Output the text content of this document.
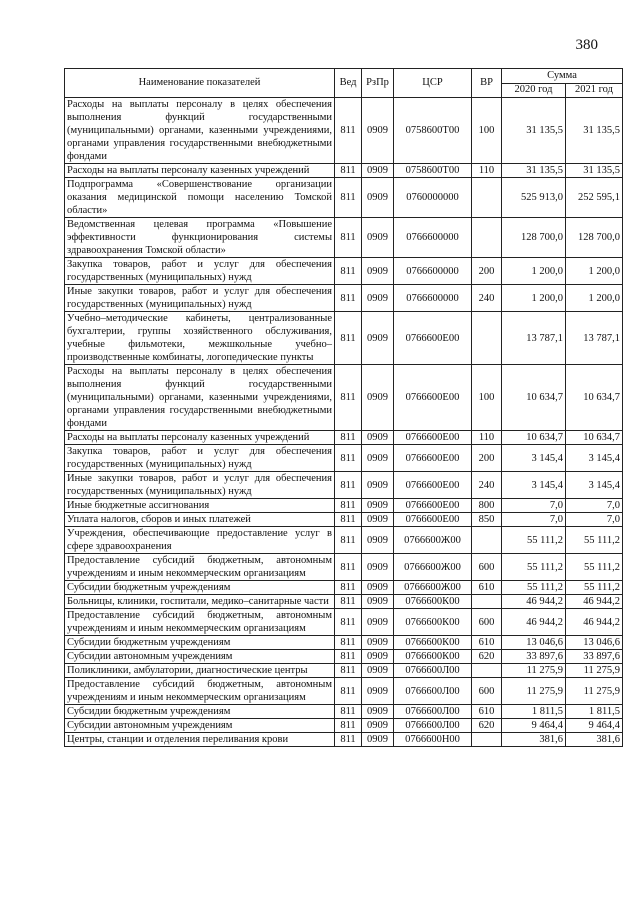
380
Наименование показателей	Вед	РзПр	ЦСР	ВР	Сумма	
					2020 год	2021 год
Расходы на выплаты персоналу в целях обеспечения выполнения функций государственными (муниципальными) органами, казенными учреждениями, органами управления государственными внебюджетными фондами	811	0909	0758600Т00	100	31 135,5	31 135,5
Расходы на выплаты персоналу казенных учреждений	811	0909	0758600Т00	110	31 135,5	31 135,5
Подпрограмма «Совершенствование организации оказания медицинской помощи населению Томской области»	811	0909	0760000000		525 913,0	252 595,1
Ведомственная целевая программа «Повышение эффективности функционирования системы здравоохранения Томской области»	811	0909	0766600000		128 700,0	128 700,0
Закупка товаров, работ и услуг для обеспечения государственных (муниципальных) нужд	811	0909	0766600000	200	1 200,0	1 200,0
Иные закупки товаров, работ и услуг для обеспечения государственных (муниципальных) нужд	811	0909	0766600000	240	1 200,0	1 200,0
Учебно–методические кабинеты, централизованные бухгалтерии, группы хозяйственного обслуживания, учебные фильмотеки, межшкольные учебно–производственные комбинаты, логопедические пункты	811	0909	0766600Е00		13 787,1	13 787,1
Расходы на выплаты персоналу в целях обеспечения выполнения функций государственными (муниципальными) органами, казенными учреждениями, органами управления государственными внебюджетными фондами	811	0909	0766600Е00	100	10 634,7	10 634,7
Расходы на выплаты персоналу казенных учреждений	811	0909	0766600Е00	110	10 634,7	10 634,7
Закупка товаров, работ и услуг для обеспечения государственных (муниципальных) нужд	811	0909	0766600Е00	200	3 145,4	3 145,4
Иные закупки товаров, работ и услуг для обеспечения государственных (муниципальных) нужд	811	0909	0766600Е00	240	3 145,4	3 145,4
Иные бюджетные ассигнования	811	0909	0766600Е00	800	7,0	7,0
Уплата налогов, сборов и иных платежей	811	0909	0766600Е00	850	7,0	7,0
Учреждения, обеспечивающие предоставление услуг в сфере здравоохранения	811	0909	0766600Ж00		55 111,2	55 111,2
Предоставление субсидий бюджетным, автономным учреждениям и иным некоммерческим организациям	811	0909	0766600Ж00	600	55 111,2	55 111,2
Субсидии бюджетным учреждениям	811	0909	0766600Ж00	610	55 111,2	55 111,2
Больницы, клиники, госпитали, медико–санитарные части	811	0909	0766600К00		46 944,2	46 944,2
Предоставление субсидий бюджетным, автономным учреждениям и иным некоммерческим организациям	811	0909	0766600К00	600	46 944,2	46 944,2
Субсидии бюджетным учреждениям	811	0909	0766600К00	610	13 046,6	13 046,6
Субсидии автономным учреждениям	811	0909	0766600К00	620	33 897,6	33 897,6
Поликлиники, амбулатории, диагностические центры	811	0909	0766600Л00		11 275,9	11 275,9
Предоставление субсидий бюджетным, автономным учреждениям и иным некоммерческим организациям	811	0909	0766600Л00	600	11 275,9	11 275,9
Субсидии бюджетным учреждениям	811	0909	0766600Л00	610	1 811,5	1 811,5
Субсидии автономным учреждениям	811	0909	0766600Л00	620	9 464,4	9 464,4
Центры, станции и отделения переливания крови	811	0909	0766600Н00		381,6	381,6
